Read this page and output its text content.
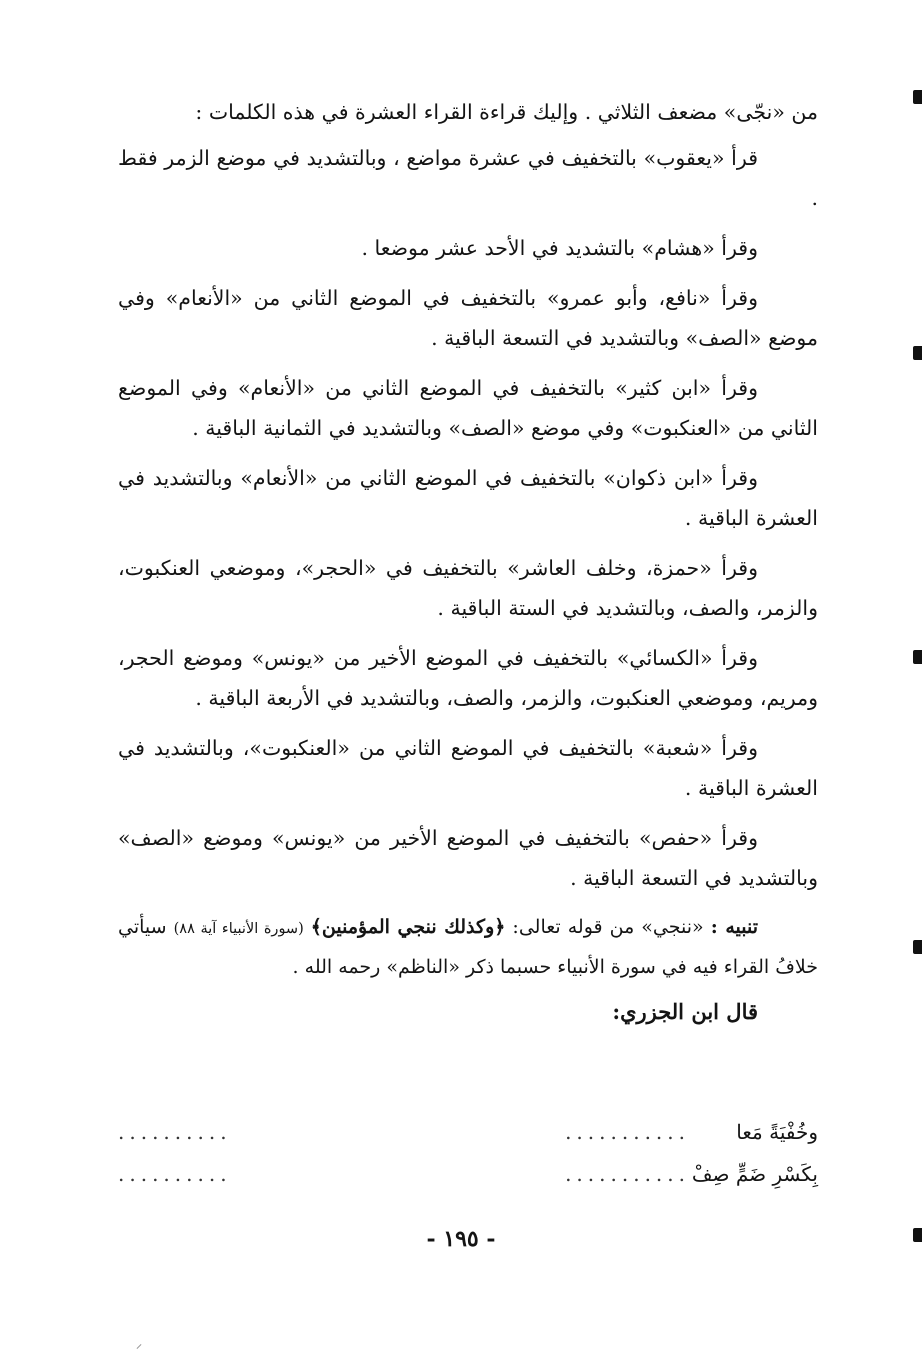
من «نجّى» مضعف الثلاثي . وإليك قراءة القراء العشرة في هذه الكلمات :

قرأ «يعقوب» بالتخفيف في عشرة مواضع ، وبالتشديد في موضع الزمر فقط .

وقرأ «هشام» بالتشديد في الأحد عشر موضعا .

وقرأ «نافع، وأبو عمرو» بالتخفيف في الموضع الثاني من «الأنعام» وفي موضع «الصف» وبالتشديد في التسعة الباقية .

وقرأ «ابن كثير» بالتخفيف في الموضع الثاني من «الأنعام» وفي الموضع الثاني من «العنكبوت» وفي موضع «الصف» وبالتشديد في الثمانية الباقية .

وقرأ «ابن ذكوان» بالتخفيف في الموضع الثاني من «الأنعام» وبالتشديد في العشرة الباقية .

وقرأ «حمزة، وخلف العاشر» بالتخفيف في «الحجر»، وموضعي العنكبوت، والزمر، والصف، وبالتشديد في الستة الباقية .

وقرأ «الكسائي» بالتخفيف في الموضع الأخير من «يونس» وموضع الحجر، ومريم، وموضعي العنكبوت، والزمر، والصف، وبالتشديد في الأربعة الباقية .

وقرأ «شعبة» بالتخفيف في الموضع الثاني من «العنكبوت»، وبالتشديد في العشرة الباقية .

وقرأ «حفص» بالتخفيف في الموضع الأخير من «يونس» وموضع «الصف» وبالتشديد في التسعة الباقية .

تنبيه : «ننجي» من قوله تعالى: ﴿وكذلك ننجي المؤمنين﴾ (سورة الأنبياء آية ٨٨) سيأتي خلافُ القراء فيه في سورة الأنبياء حسبما ذكر «الناظم» رحمه الله .

قال ابن الجزري:

وخُفْيَةً مَعا
...........
..........
بِكَسْرِ ضَمٍّ صِفْ
...........
..........
- ١٩٥ -
